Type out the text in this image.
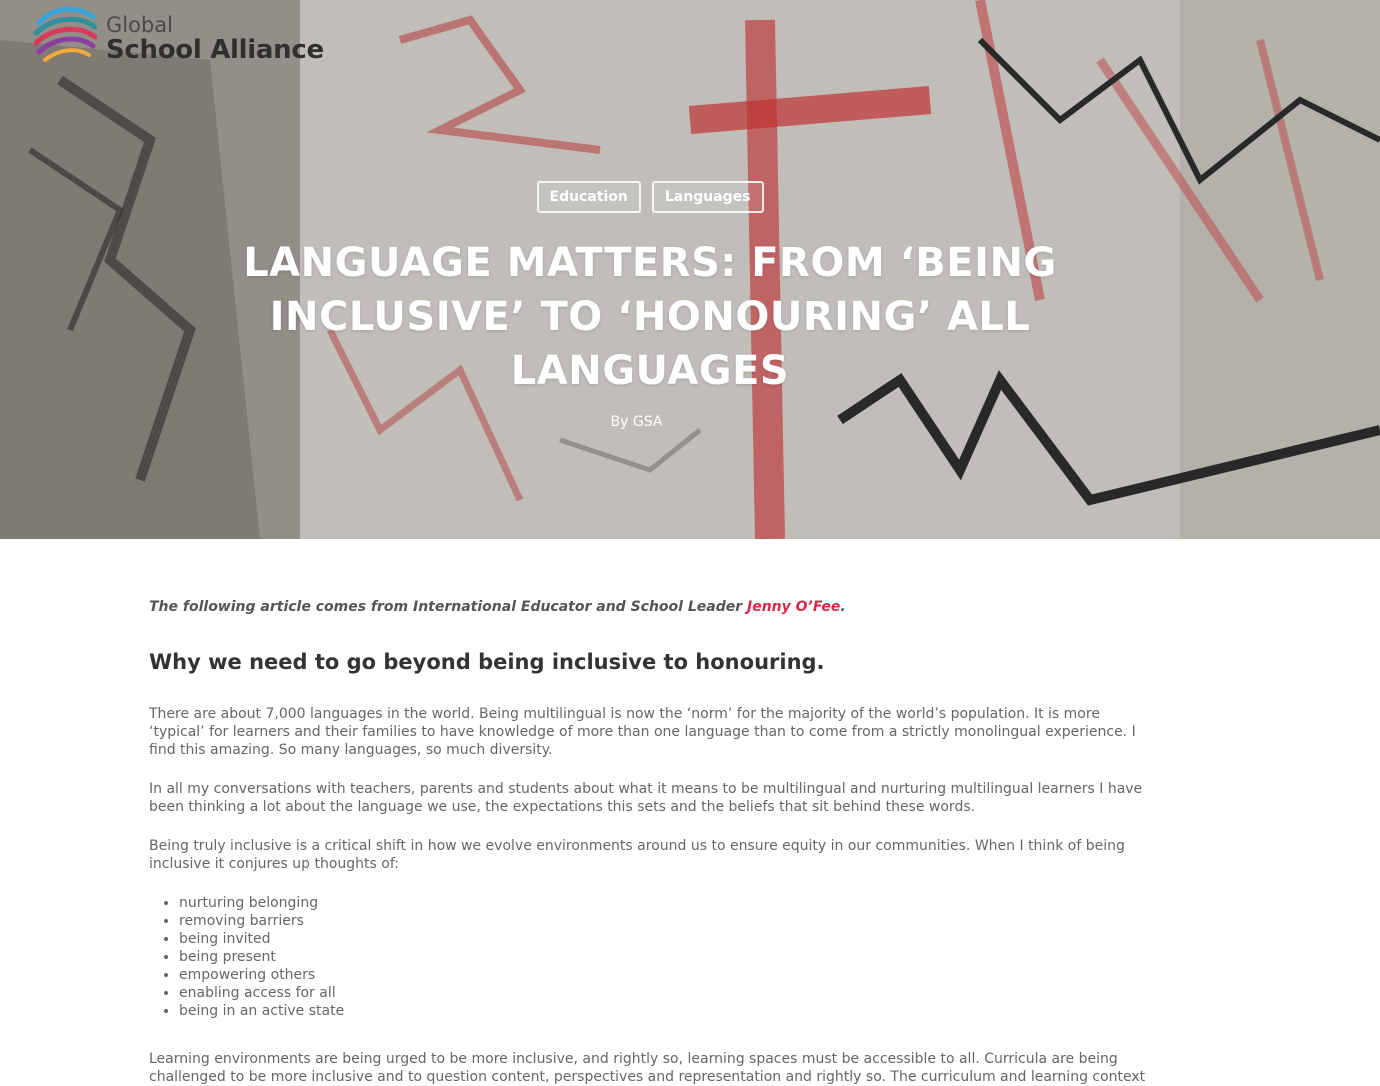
Global
School Alliance
Education	Languages
LANGUAGE MATTERS: FROM ‘BEING INCLUSIVE’ TO ‘HONOURING’ ALL LANGUAGES
By GSA

The following article comes from International Educator and School Leader Jenny O’Fee.

Why we need to go beyond being inclusive to honouring.

There are about 7,000 languages in the world. Being multilingual is now the ‘norm’ for the majority of the world’s population. It is more ‘typical’ for learners and their families to have knowledge of more than one language than to come from a strictly monolingual experience. I find this amazing. So many languages, so much diversity.

In all my conversations with teachers, parents and students about what it means to be multilingual and nurturing multilingual learners I have been thinking a lot about the language we use, the expectations this sets and the beliefs that sit behind these words.

Being truly inclusive is a critical shift in how we evolve environments around us to ensure equity in our communities. When I think of being inclusive it conjures up thoughts of:

• nurturing belonging
• removing barriers
• being invited
• being present
• empowering others
• enabling access for all
• being in an active state

Learning environments are being urged to be more inclusive, and rightly so, learning spaces must be accessible to all. Curricula are being challenged to be more inclusive and to question content, perspectives and representation and rightly so. The curriculum and learning context
